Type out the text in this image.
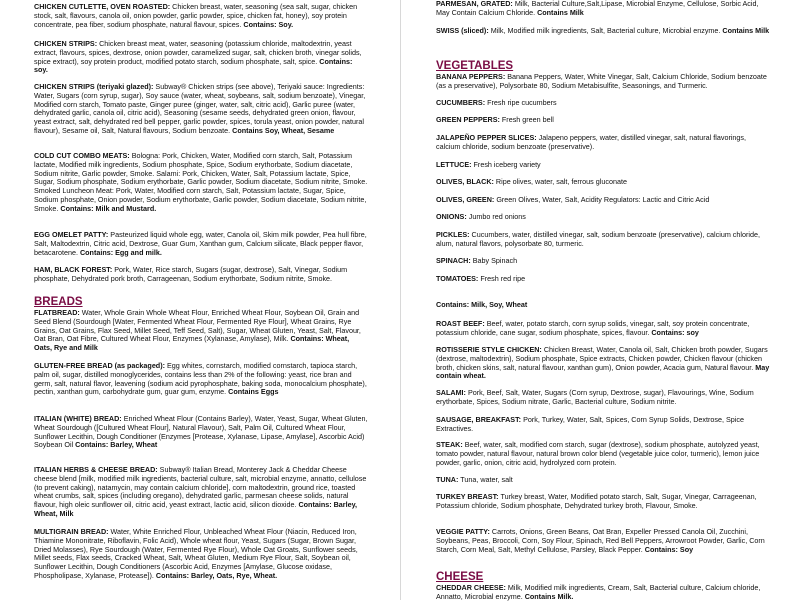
CHICKEN CUTLETTE, OVEN ROASTED: Chicken breast, water, seasoning (sea salt, sugar, chicken stock, salt, flavours, canola oil, onion powder, garlic powder, spice, chicken fat, honey), soy protein concentrate, pea fiber, sodium phosphate, natural flavour, spices. Contains: Soy.
CHICKEN STRIPS: Chicken breast meat, water, seasoning (potassium chloride, maltodextrin, yeast extract, flavours, spices, dextrose, onion powder, caramelized sugar, salt, chicken broth, vinegar solids, spice extract), soy protein product, modified potato starch, sodium phosphate, salt, spice. Contains: soy.
CHICKEN STRIPS (teriyaki glazed): Subway® Chicken strips (see above), Teriyaki sauce: Ingredients: Water, Sugars (corn syrup, sugar), Soy sauce (water, wheat, soybeans, salt, sodium benzoate), Vinegar, Modified corn starch, Tomato paste, Ginger puree (ginger, water, salt, citric acid), Garlic puree (water, dehydrated garlic, canola oil, citric acid), Seasoning (sesame seeds, dehydrated green onion, flavour, yeast extract, salt, dehydrated red bell pepper, garlic powder, spices, torula yeast, onion powder, natural flavour), Sesame oil, Salt, Natural flavours, Sodium benzoate. Contains Soy, Wheat, Sesame
COLD CUT COMBO MEATS: Bologna: Pork, Chicken, Water, Modified corn starch, Salt, Potassium lactate, Modified milk ingredients, Sodium phosphate, Spice, Sodium erythorbate, Sodium diacetate, Sodium nitrite, Garlic powder, Smoke. Salami: Pork, Chicken, Water, Salt, Potassium lactate, Spice, Sugar, Sodium phosphate, Sodium erythorbate, Garlic powder, Sodium diacetate, Sodium nitrite, Smoke. Smoked Luncheon Meat: Pork, Water, Modified corn starch, Salt, Potassium lactate, Sugar, Spice, Sodium phosphate, Onion powder, Sodium erythorbate, Garlic powder, Sodium diacetate, Sodium nitrite, Smoke. Contains: Milk and Mustard.
EGG OMELET PATTY: Pasteurized liquid whole egg, water, Canola oil, Skim milk powder, Pea hull fibre, Salt, Maltodextrin, Citric acid, Dextrose, Guar Gum, Xanthan gum, Calcium silicate, Black pepper flavor, betacarotene. Contains: Egg and milk.
HAM, BLACK FOREST: Pork, Water, Rice starch, Sugars (sugar, dextrose), Salt, Vinegar, Sodium phosphate, Dehydrated pork broth, Carrageenan, Sodium erythorbate, Sodium nitrite, Smoke.
BREADS
FLATBREAD: Water, Whole Grain Whole Wheat Flour, Enriched Wheat Flour, Soybean Oil, Grain and Seed Blend (Sourdough [Water, Fermented Wheat Flour, Fermented Rye Flour], Wheat Grains, Rye Grains, Oat Grains, Flax Seed, Millet Seed, Teff Seed, Salt), Sugar, Wheat Gluten, Yeast, Salt, Flavour, Oat Bran, Oat Fibre, Cultured Wheat Flour, Enzymes (Xylanase, Amylase), Milk. Contains: Wheat, Oats, Rye and Milk
GLUTEN-FREE BREAD (as packaged): Egg whites, cornstarch, modified cornstarch, tapioca starch, palm oil, sugar, distilled monoglycerides, contains less than 2% of the following: yeast, rice bran and germ, salt, natural flavor, leavening (sodium acid pyrophosphate, baking soda, monocalcium phosphate), pectin, xanthan gum, carbohydrate gum, guar gum, enzyme. Contains Eggs
ITALIAN (WHITE) BREAD: Enriched Wheat Flour (Contains Barley), Water, Yeast, Sugar, Wheat Gluten, Wheat Sourdough ([Cultured Wheat Flour], Natural Flavour), Salt, Palm Oil, Cultured Wheat Flour, Sunflower Lecithin, Dough Conditioner (Enzymes [Protease, Xylanase, Lipase, Amylase], Ascorbic Acid) Soybean Oil Contains: Barley, Wheat
ITALIAN HERBS & CHEESE BREAD: Subway® Italian Bread, Monterey Jack & Cheddar Cheese cheese blend [milk, modified milk ingredients, bacterial culture, salt, microbial enzyme, annatto, cellulose (to prevent caking), natamycin, may contain calcium chloride], corn maltodextrin, ground rice, toasted wheat crumbs, salt, spices (including oregano), dehydrated garlic, parmesan cheese solids, natural flavour, high oleic sunflower oil, citric acid, yeast extract, lactic acid, silicon dioxide. Contains: Barley, Wheat, Milk
MULTIGRAIN BREAD: Water, White Enriched Flour, Unbleached Wheat Flour (Niacin, Reduced Iron, Thiamine Mononitrate, Riboflavin, Folic Acid), Whole wheat flour, Yeast, Sugars (Sugar, Brown Sugar, Dried Molasses), Rye Sourdough (Water, Fermented Rye Flour), Whole Oat Groats, Sunflower seeds, Millet seeds, Flax seeds, Cracked Wheat, Salt, Wheat Gluten, Medium Rye Flour, Salt, Soybean oil, Sunflower Lecithin, Dough Conditioners (Ascorbic Acid, Enzymes [Amylase, Glucose oxidase, Phospholipase, Xylanase, Protease]). Contains: Barley, Oats, Rye, Wheat.
PARMESAN, GRATED: Milk, Bacterial Culture,Salt,Lipase, Microbial Enzyme, Cellulose, Sorbic Acid, May Contain Calcium Chloride. Contains Milk
SWISS (sliced): Milk, Modified milk ingredients, Salt, Bacterial culture, Microbial enzyme. Contains Milk
VEGETABLES
BANANA PEPPERS: Banana Peppers, Water, White Vinegar, Salt, Calcium Chloride, Sodium benzoate (as a preservative), Polysorbate 80, Sodium Metabisulfite, Seasonings, and Turmeric.
CUCUMBERS: Fresh ripe cucumbers
GREEN PEPPERS: Fresh green bell
JALAPEÑO PEPPER SLICES: Jalapeno peppers, water, distilled vinegar, salt, natural flavorings, calcium chloride, sodium benzoate (preservative).
LETTUCE: Fresh iceberg variety
OLIVES, BLACK: Ripe olives, water, salt, ferrous gluconate
OLIVES, GREEN: Green Olives, Water, Salt, Acidity Regulators: Lactic and Citric Acid
ONIONS: Jumbo red onions
PICKLES: Cucumbers, water, distilled vinegar, salt, sodium benzoate (preservative), calcium chloride, alum, natural flavors, polysorbate 80, turmeric.
SPINACH: Baby Spinach
TOMATOES: Fresh red ripe
Contains: Milk, Soy, Wheat
ROAST BEEF: Beef, water, potato starch, corn syrup solids, vinegar, salt, soy protein concentrate, potassium chloride, cane sugar, sodium phosphate, spices, flavour. Contains: soy
ROTISSERIE STYLE CHICKEN: Chicken Breast, Water, Canola oil, Salt, Chicken broth powder, Sugars (dextrose, maltodextrin), Sodium phosphate, Spice extracts, Chicken powder, Chicken flavour (chicken broth, chicken skins, salt, natural flavour, xanthan gum), Onion powder, Acacia gum, Natural flavour. May contain wheat.
SALAMI: Pork, Beef, Salt, Water, Sugars (Corn syrup, Dextrose, sugar), Flavourings, Wine, Sodium erythorbate, Spices, Sodium nitrate, Garlic, Bacterial culture, Sodium nitrite.
SAUSAGE, BREAKFAST: Pork, Turkey, Water, Salt, Spices, Corn Syrup Solids, Dextrose, Spice Extractives.
STEAK: Beef, water, salt, modified corn starch, sugar (dextrose), sodium phosphate, autolyzed yeast, tomato powder, natural flavour, natural brown color blend (vegetable juice color, turmeric), lemon juice powder, garlic, onion, citric acid, hydrolyzed corn protein.
TUNA: Tuna, water, salt
TURKEY BREAST: Turkey breast, Water, Modified potato starch, Salt, Sugar, Vinegar, Carrageenan, Potassium chloride, Sodium phosphate, Dehydrated turkey broth, Flavour, Smoke.
VEGGIE PATTY: Carrots, Onions, Green Beans, Oat Bran, Expeller Pressed Canola Oil, Zucchini, Soybeans, Peas, Broccoli, Corn, Soy Flour, Spinach, Red Bell Peppers, Arrowroot Powder, Garlic, Corn Starch, Corn Meal, Salt, Methyl Cellulose, Parsley, Black Pepper. Contains: Soy
CHEESE
CHEDDAR CHEESE: Milk, Modified milk ingredients, Cream, Salt, Bacterial culture, Calcium chloride, Annatto, Microbial enzyme. Contains Milk.
